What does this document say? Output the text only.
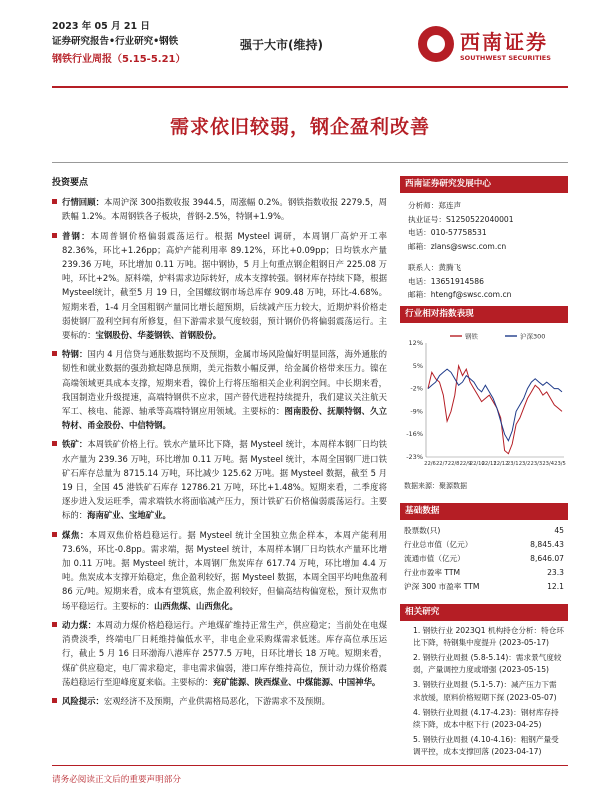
2023 年 05 月 21 日
证券研究报告•行业研究•钢铁
钢铁行业周报（5.15-5.21）
强于大市(维持)	西南证券
SOUTHWEST SECURITIES
需求依旧较弱，钢企盈利改善
投资要点
行情回顾：本周沪深 300指数收报 3944.5，周涨幅 0.2%。钢铁指数收报 2279.5，周跌幅 1.2%。本周钢铁各子板块，普钢-2.5%，特钢+1.9%。
普钢：本周普钢价格偏弱震荡运行。根据 Mysteel 调研，本周钢厂高炉开工率 82.36%，环比+1.26pp；高炉产能利用率 89.12%，环比+0.09pp；日均铁水产量 239.36 万吨，环比增加 0.11 万吨。据中钢协，5 月上旬重点钢企粗钢日产 225.08 万吨，环比+2%。原料端，炉料需求边际转好，成本支撑转强。钢材库存持续下降，根据 Mysteel统计，截至5 月 19 日，全国螺纹钢市场总库存 909.48 万吨，环比-4.68%。短期来看，1-4 月全国粗钢产量同比增长超预期，后续减产压力较大，近期炉料价格走弱使钢厂盈利空间有所修复，但下游需求景气度较弱，预计钢价仍将偏弱震荡运行。主要标的：宝钢股份、华菱钢铁、首钢股份。
特钢：国内 4 月信贷与通胀数据均不及预期，金属市场风险偏好明显回落，海外通胀的韧性和就业数据的强劲掀起降息预期，美元指数小幅反弹，给金属价格带来压力。镍在高端领域更具成本支撑，短期来看，镍价上行将压缩相关企业利润空间。中长期来看，我国制造业升级提速，高端特钢供不应求，国产替代进程持续提升，我们建议关注航天军工、核电、能源、轴承等高端特钢应用领域。主要标的：图南股份、抚顺特钢、久立特材、甬金股份、中信特钢。
铁矿：本周铁矿价格上行。铁水产量环比下降，据 Mysteel 统计，本周样本钢厂日均铁水产量为 239.36 万吨，环比增加 0.11 万吨。据 Mysteel 统计，本周全国钢厂进口铁矿石库存总量为 8715.14 万吨，环比减少 125.62 万吨。据 Mysteel 数据，截至 5 月 19 日，全国 45 港铁矿石库存 12786.21 万吨，环比+1.48%。短期来看，二季度将逐步进入发运旺季，需求端铁水将面临减产压力，预计铁矿石价格偏弱震荡运行。主要标的：海南矿业、宝地矿业。
煤焦：本周双焦价格趋稳运行。据 Mysteel 统计全国独立焦企样本，本周产能利用 73.6%，环比-0.8pp。需求端，据 Mysteel 统计，本周样本钢厂日均铁水产量环比增加 0.11 万吨。据 Mysteel 统计，本周钢厂焦炭库存 617.74 万吨，环比增加 4.4 万吨。焦炭成本支撑开始稳定，焦企盈利较好，据 Mysteel 数据，本周全国平均吨焦盈利 86 元/吨。短期来看，成本有望筑底，焦企盈利较好，但偏高结构偏宽松，预计双焦市场平稳运行。主要标的：山西焦煤、山西焦化。
动力煤：本周动力煤价格趋稳运行。产地煤矿维持正常生产，供应稳定；当前处在电煤消费淡季，终端电厂日耗维持偏低水平，非电企业采购煤需求低迷。库存高位承压运行，截止 5 月 16 日环渤海八港库存 2577.5 万吨，日环比增长 18 万吨。短期来看，煤矿供应稳定，电厂需求稳定，非电需求偏弱，港口库存维持高位，预计动力煤价格震荡趋稳运行至迎峰度夏来临。主要标的：兖矿能源、陕西煤业、中煤能源、中国神华。
风险提示：宏观经济不及预期，产业供需格局恶化，下游需求不及预期。
西南证券研究发展中心
分析师：郑连声
执业证号：S1250522040001
电话：010-57758531
邮箱：zlans@swsc.com.cn
联系人：黄腾飞
电话：13651914586
邮箱：htengf@swsc.com.cn
行业相对指数表现
12%
5%
-2%
-9%
-16%
-23%
22/6 22/7 22/8 22/9
22/10
22/11
22/12
23/1 23/2 23/3 23/4 23/5
钢铁	沪深300
数据来源：聚源数据
基础数据
股票数(只)	45
行业总市值（亿元）	8,845.43
流通市值（亿元）	8,646.07
行业市盈率 TTM	23.3
沪深 300 市盈率 TTM	12.1
相关研究
1. 钢铁行业 2023Q1 机构持仓分析：特仓环比下降，特钢集中度提升 (2023-05-17)
2. 钢铁行业周报 (5.8-5.14)：需求景气度较弱，产量调控力度或增强 (2023-05-15)
3. 钢铁行业周报 (5.1-5.7)：减产压力下需求放缓，原料价格短期下探 (2023-05-07)
4. 钢铁行业周报 (4.17-4.23)：钢材库存持续下降，成本中枢下行 (2023-04-25)
5. 钢铁行业周报 (4.10-4.16)：粗钢产量受调平控，成本支撑回落 (2023-04-17)
请务必阅读正文后的重要声明部分
